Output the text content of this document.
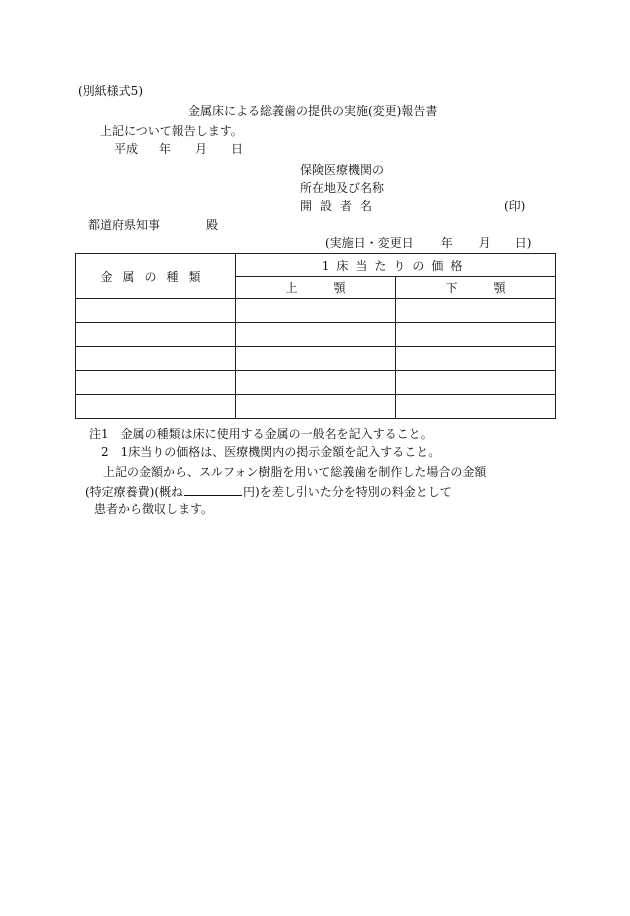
(別紙様式5)
金属床による総義歯の提供の実施(変更)報告書
上記について報告します。
平成 年 月 日
保険医療機関の
所在地及び名称
開設者名	(印)
都道府県知事	殿
(実施日・変更日 年 月 日)
金属の種類	1床当たりの価格	
	上　　　顎	下　　　顎

注1　金属の種類は床に使用する金属の一般名を記入すること。
2　1床当りの価格は、医療機関内の掲示金額を記入すること。
上記の金額から、スルフォン樹脂を用いて総義歯を制作した場合の金額
(特定療養費)(概ね	円)を差し引いた分を特別の料金として
患者から徴収します。
